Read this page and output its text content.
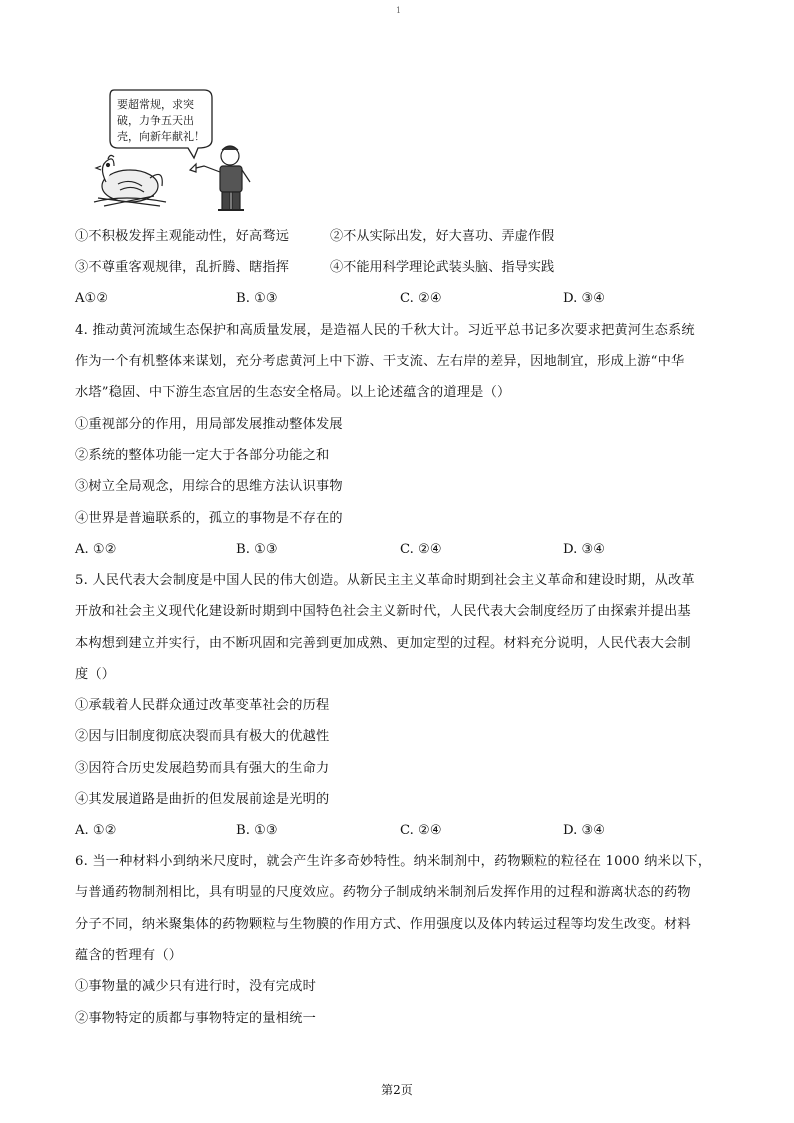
1
要超常规，求突
破，力争五天出
壳，向新年献礼！
①不积极发挥主观能动性，好高骛远	②不从实际出发，好大喜功、弄虚作假
③不尊重客观规律，乱折腾、瞎指挥	④不能用科学理论武装头脑、指导实践
A①②	B. ①③	C. ②④	D. ③④
4. 推动黄河流域生态保护和高质量发展，是造福人民的千秋大计。习近平总书记多次要求把黄河生态系统
作为一个有机整体来谋划，充分考虑黄河上中下游、干支流、左右岸的差异，因地制宜，形成上游“中华
水塔”稳固、中下游生态宜居的生态安全格局。以上论述蕴含的道理是（）
①重视部分的作用，用局部发展推动整体发展
②系统的整体功能一定大于各部分功能之和
③树立全局观念，用综合的思维方法认识事物
④世界是普遍联系的，孤立的事物是不存在的
A. ①②	B. ①③	C. ②④	D. ③④
5. 人民代表大会制度是中国人民的伟大创造。从新民主主义革命时期到社会主义革命和建设时期，从改革
开放和社会主义现代化建设新时期到中国特色社会主义新时代，人民代表大会制度经历了由探索并提出基
本构想到建立并实行，由不断巩固和完善到更加成熟、更加定型的过程。材料充分说明，人民代表大会制
度（）
①承载着人民群众通过改革变革社会的历程
②因与旧制度彻底决裂而具有极大的优越性
③因符合历史发展趋势而具有强大的生命力
④其发展道路是曲折的但发展前途是光明的
A. ①②	B. ①③	C. ②④	D. ③④
6. 当一种材料小到纳米尺度时，就会产生许多奇妙特性。纳米制剂中，药物颗粒的粒径在 1000 纳米以下，
与普通药物制剂相比，具有明显的尺度效应。药物分子制成纳米制剂后发挥作用的过程和游离状态的药物
分子不同，纳米聚集体的药物颗粒与生物膜的作用方式、作用强度以及体内转运过程等均发生改变。材料
蕴含的哲理有（）
①事物量的减少只有进行时，没有完成时
②事物特定的质都与事物特定的量相统一
第2页
